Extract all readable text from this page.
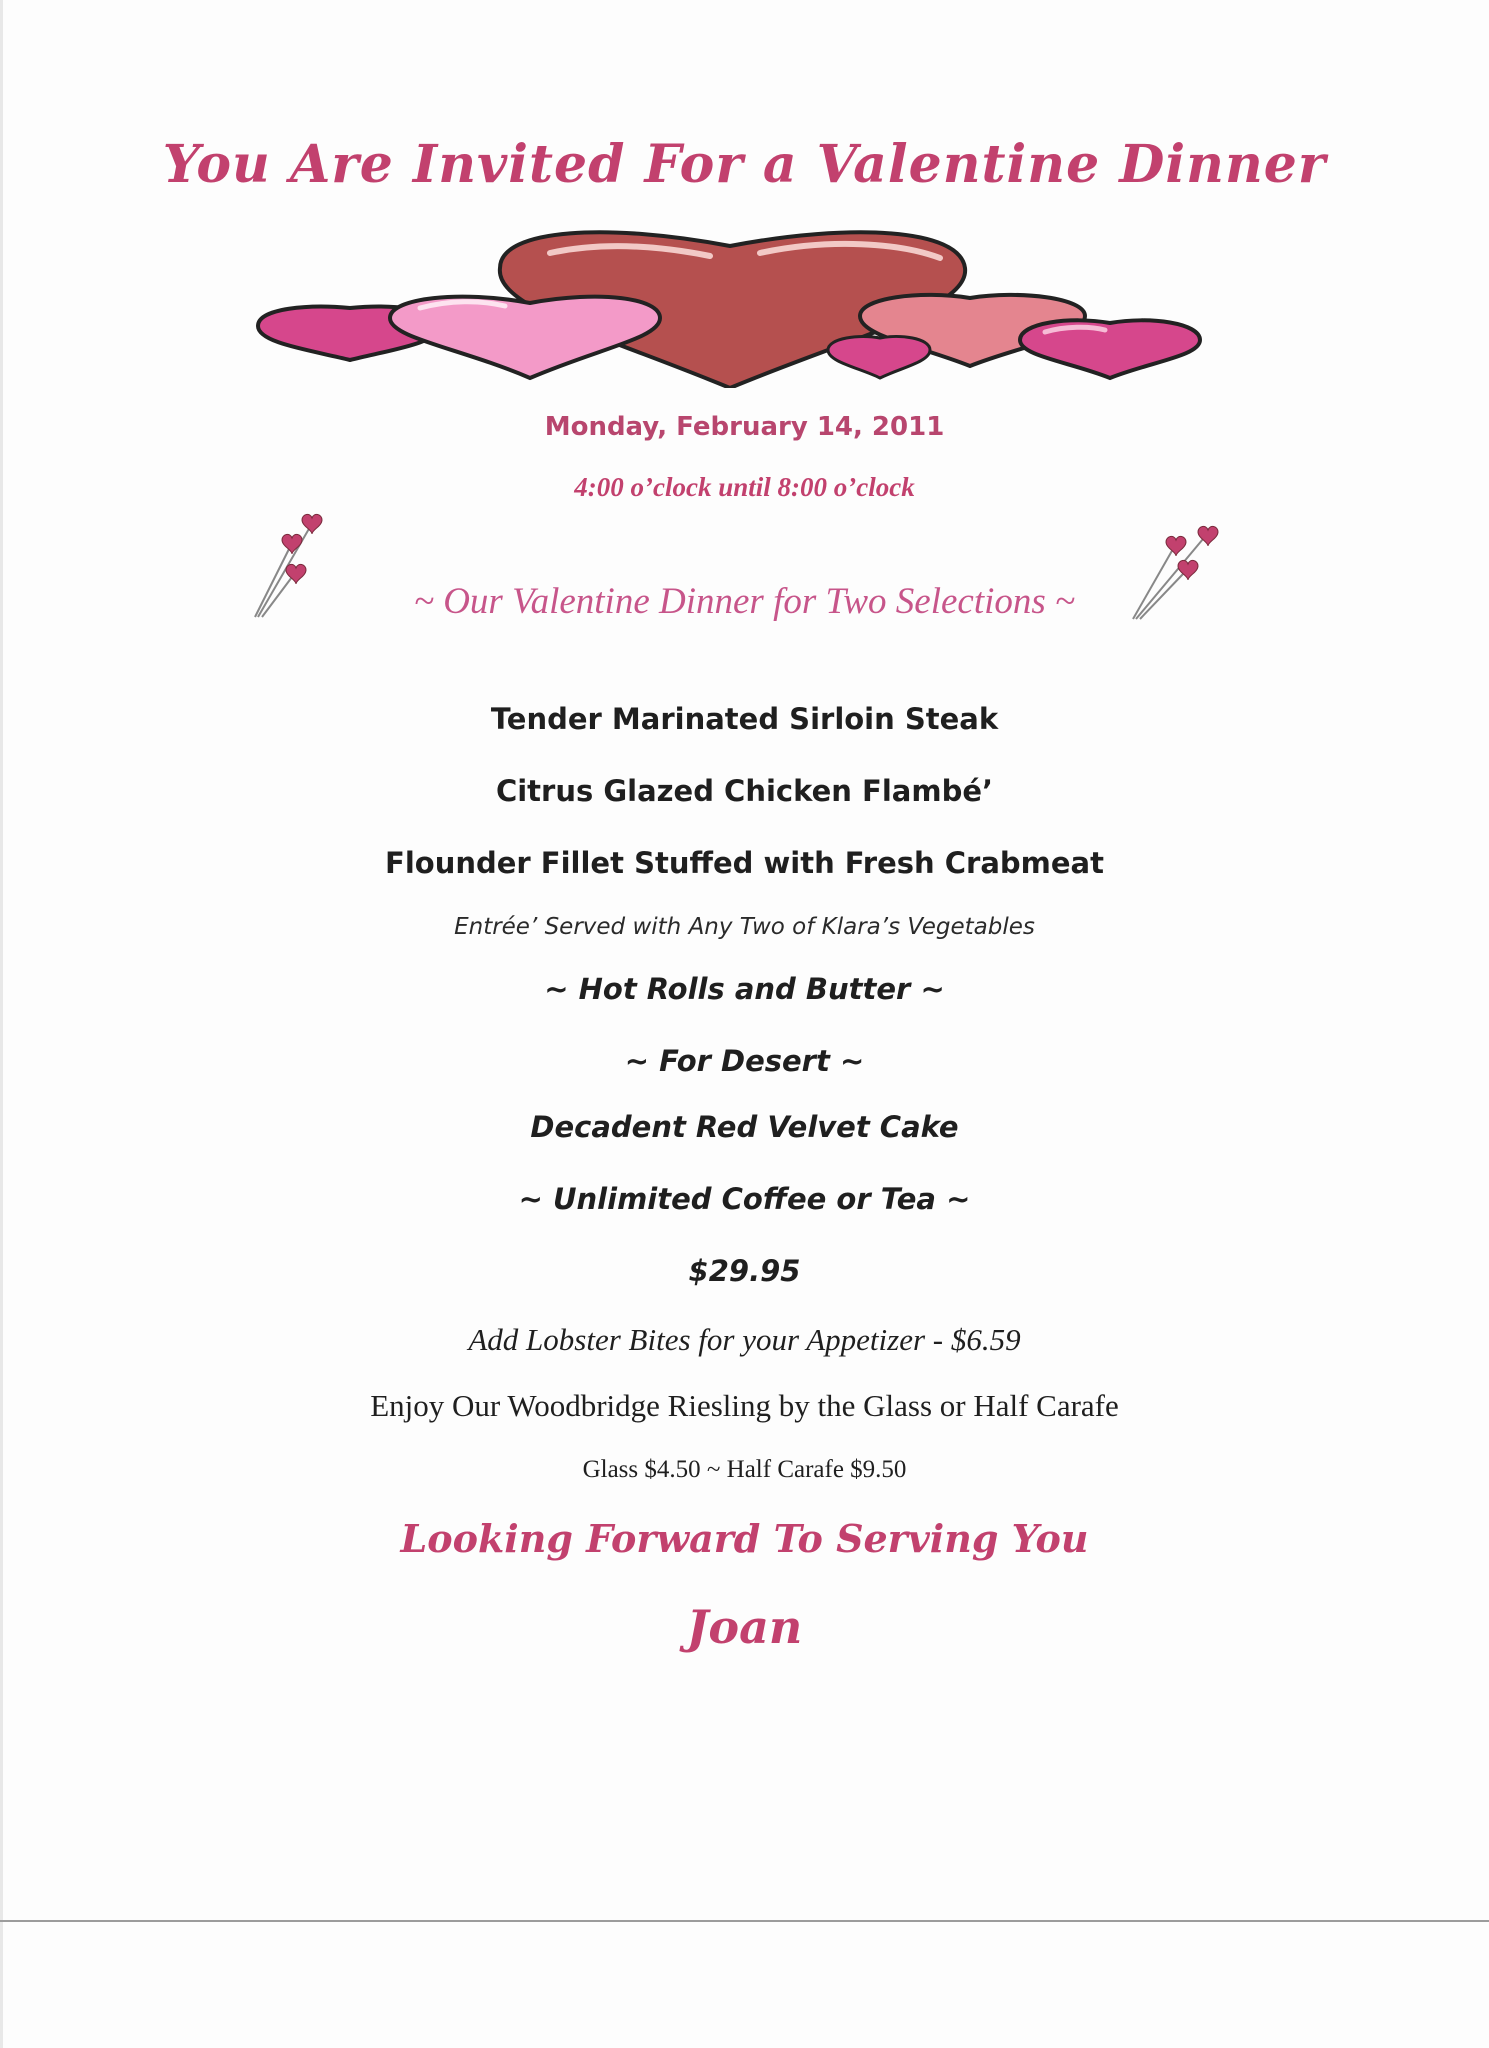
You Are Invited For a Valentine Dinner
Monday, February 14, 2011
4:00 o’clock until 8:00 o’clock
~ Our Valentine Dinner for Two Selections ~
Tender Marinated Sirloin Steak
Citrus Glazed Chicken Flambé’
Flounder Fillet Stuffed with Fresh Crabmeat
Entrée’ Served with Any Two of Klara’s Vegetables
~ Hot Rolls and Butter ~
~ For Desert ~
Decadent Red Velvet Cake
~ Unlimited Coffee or Tea ~
$29.95
Add Lobster Bites for your Appetizer - $6.59
Enjoy Our Woodbridge Riesling by the Glass or Half Carafe
Glass $4.50 ~ Half Carafe $9.50
Looking Forward To Serving You
Joan
